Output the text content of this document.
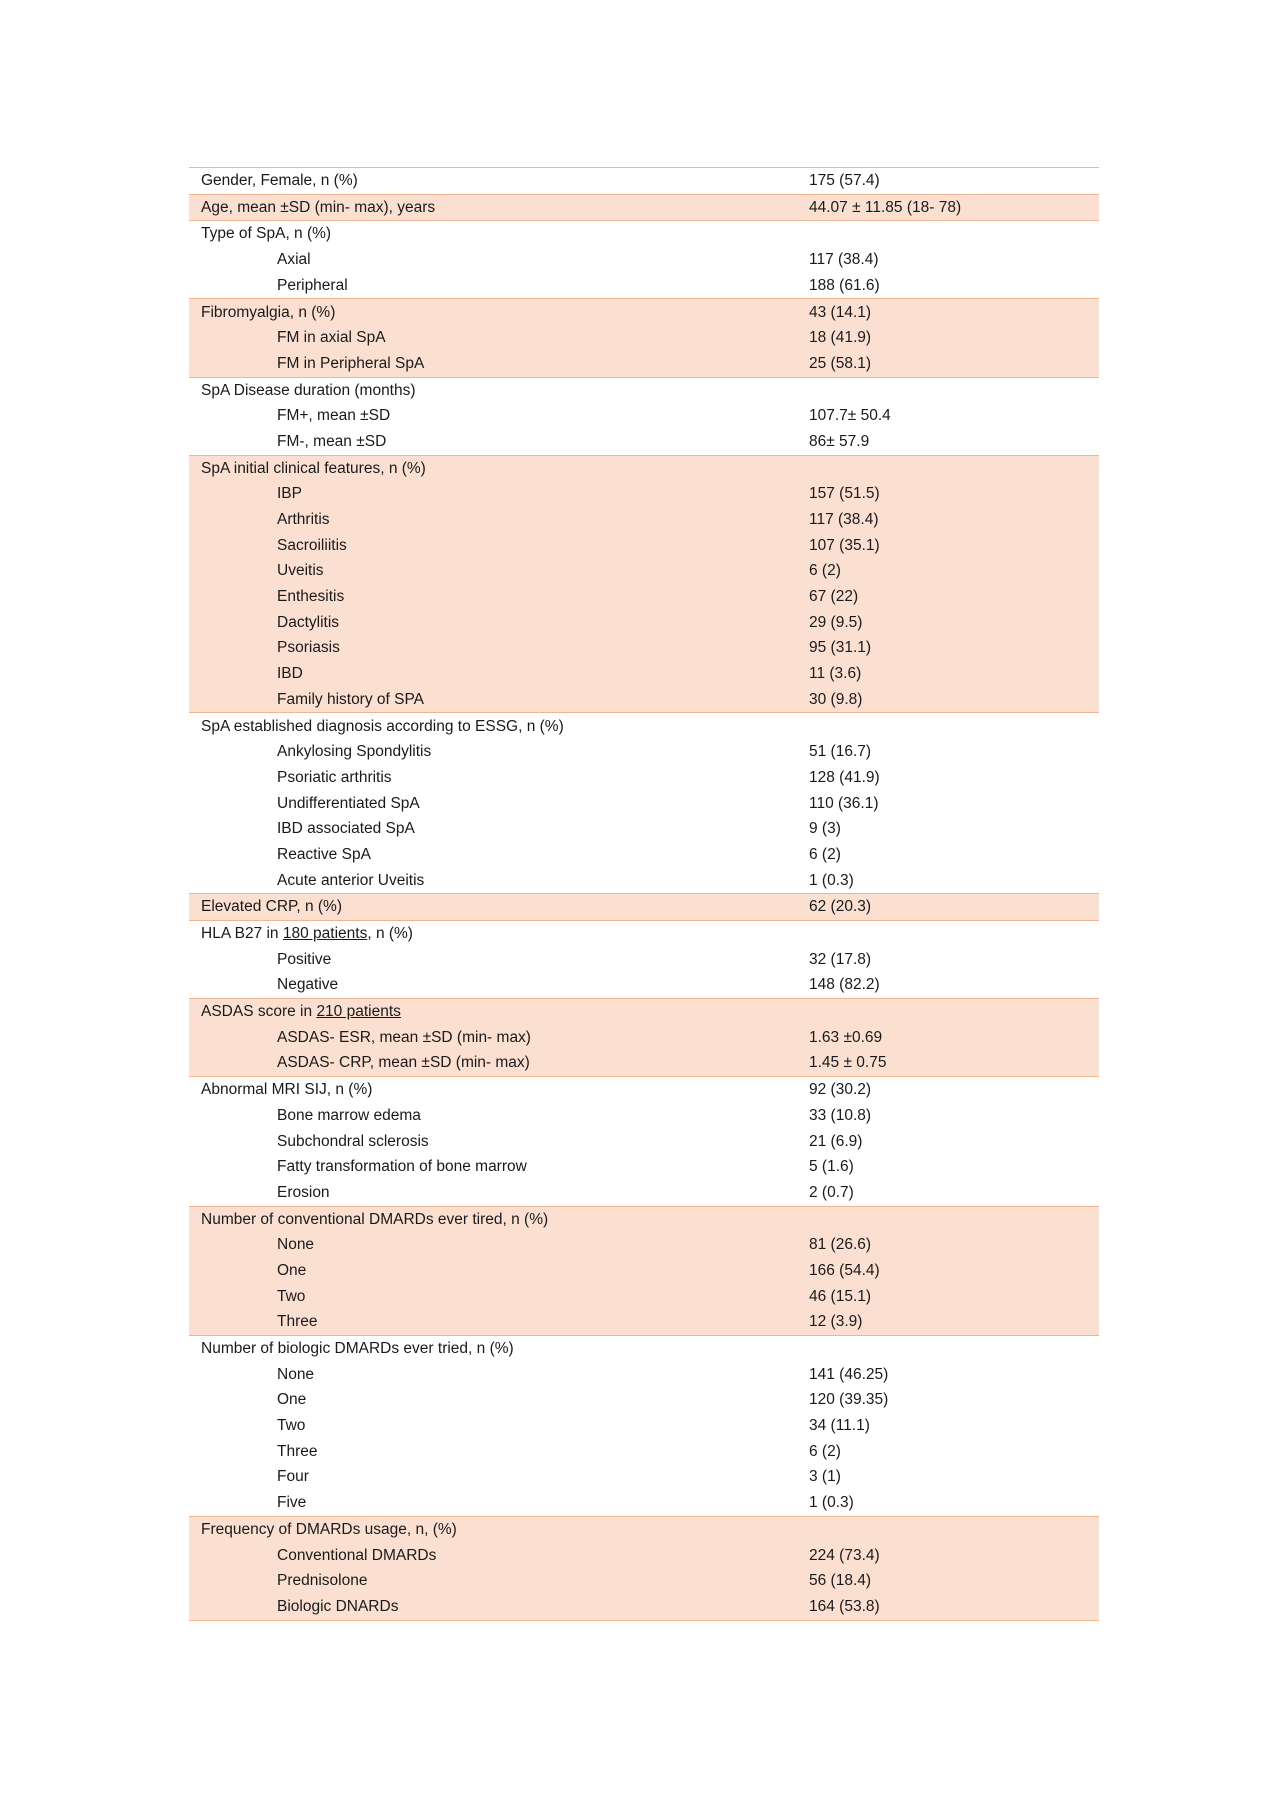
Gender, Female, n (%)	175 (57.4)
Age, mean ±SD (min- max), years	44.07 ± 11.85 (18- 78)
Type of SpA, n (%)
Axial	117 (38.4)
Peripheral	188 (61.6)
Fibromyalgia, n (%)	43 (14.1)
FM in axial SpA	18 (41.9)
FM in Peripheral SpA	25 (58.1)
SpA Disease duration (months)
FM+, mean ±SD	107.7± 50.4
FM-, mean ±SD	86± 57.9
SpA initial clinical features, n (%)
IBP	157 (51.5)
Arthritis	117 (38.4)
Sacroiliitis	107 (35.1)
Uveitis	6 (2)
Enthesitis	67 (22)
Dactylitis	29 (9.5)
Psoriasis	95 (31.1)
IBD	11 (3.6)
Family history of SPA	30 (9.8)
SpA established diagnosis according to ESSG, n (%)
Ankylosing Spondylitis	51 (16.7)
Psoriatic arthritis	128 (41.9)
Undifferentiated SpA	110 (36.1)
IBD associated SpA	9 (3)
Reactive SpA	6 (2)
Acute anterior Uveitis	1 (0.3)
Elevated CRP, n (%)	62 (20.3)
HLA B27 in 180 patients, n (%)
Positive	32 (17.8)
Negative	148 (82.2)
ASDAS score in 210 patients
ASDAS- ESR, mean ±SD (min- max)	1.63 ±0.69
ASDAS- CRP, mean ±SD (min- max)	1.45 ± 0.75
Abnormal MRI SIJ, n (%)	92 (30.2)
Bone marrow edema	33 (10.8)
Subchondral sclerosis	21 (6.9)
Fatty transformation of bone marrow	5 (1.6)
Erosion	2 (0.7)
Number of conventional DMARDs ever tired, n (%)
None	81 (26.6)
One	166 (54.4)
Two	46 (15.1)
Three	12 (3.9)
Number of biologic DMARDs ever tried, n (%)
None	141 (46.25)
One	120 (39.35)
Two	34 (11.1)
Three	6 (2)
Four	3 (1)
Five	1 (0.3)
Frequency of DMARDs usage, n, (%)
Conventional DMARDs	224 (73.4)
Prednisolone	56 (18.4)
Biologic DNARDs	164 (53.8)
